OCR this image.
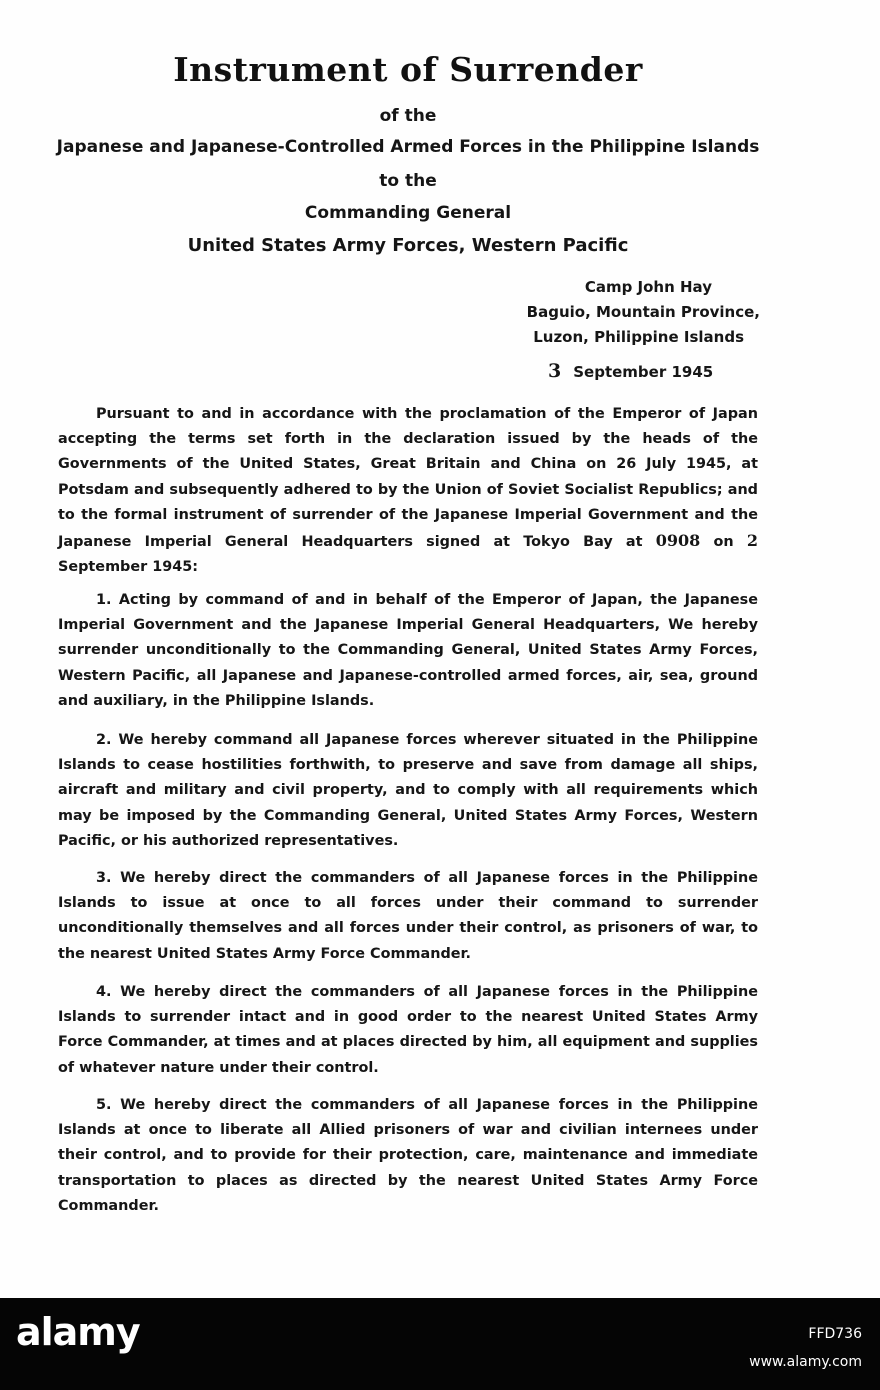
Instrument of Surrender
of the
Japanese and Japanese-Controlled Armed Forces in the Philippine Islands
to the
Commanding General
United States Army Forces, Western Pacific
Camp John Hay
Baguio, Mountain Province,
Luzon, Philippine Islands
3 September 1945
Pursuant to and in accordance with the proclamation of the Emperor of Japan accepting the terms set forth in the declaration issued by the heads of the Governments of the United States, Great Britain and China on 26 July 1945, at Potsdam and subsequently adhered to by the Union of Soviet Socialist Republics; and to the formal instrument of surrender of the Japanese Imperial Government and the Japanese Imperial General Headquarters signed at Tokyo Bay at 0908 on 2 September 1945:
1. Acting by command of and in behalf of the Emperor of Japan, the Japanese Imperial Government and the Japanese Imperial General Headquarters, We hereby surrender unconditionally to the Commanding General, United States Army Forces, Western Pacific, all Japanese and Japanese-controlled armed forces, air, sea, ground and auxiliary, in the Philippine Islands.
2. We hereby command all Japanese forces wherever situated in the Philippine Islands to cease hostilities forthwith, to preserve and save from damage all ships, aircraft and military and civil property, and to comply with all requirements which may be imposed by the Commanding General, United States Army Forces, Western Pacific, or his authorized representatives.
3. We hereby direct the commanders of all Japanese forces in the Philippine Islands to issue at once to all forces under their command to surrender unconditionally themselves and all forces under their control, as prisoners of war, to the nearest United States Army Force Commander.
4. We hereby direct the commanders of all Japanese forces in the Philippine Islands to surrender intact and in good order to the nearest United States Army Force Commander, at times and at places directed by him, all equipment and supplies of whatever nature under their control.
5. We hereby direct the commanders of all Japanese forces in the Philippine Islands at once to liberate all Allied prisoners of war and civilian internees under their control, and to provide for their protection, care, maintenance and immediate transportation to places as directed by the nearest United States Army Force Commander.
alamy	FFD736
www.alamy.com
